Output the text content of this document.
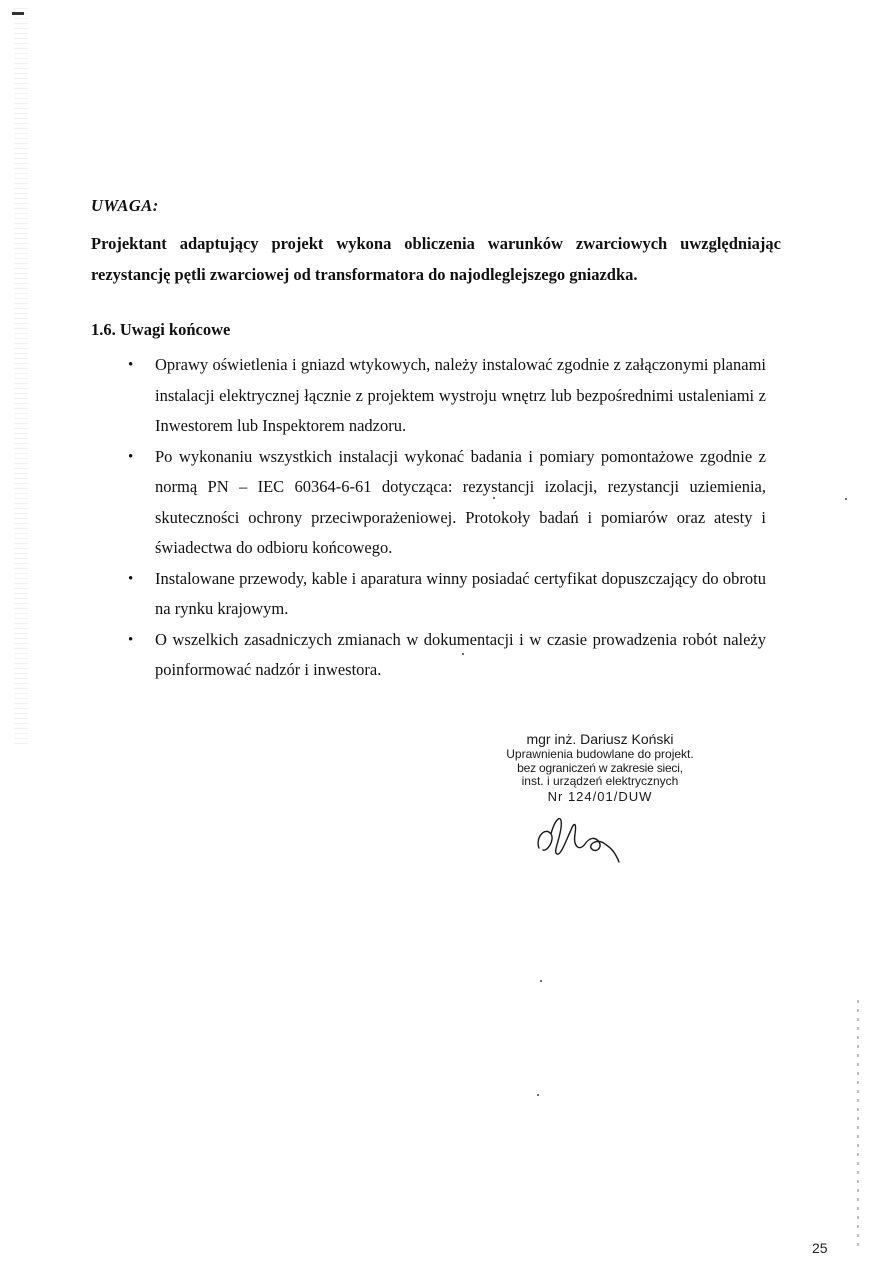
UWAGA:
Projektant adaptujący projekt wykona obliczenia warunków zwarciowych uwzględniając rezystancję pętli zwarciowej od transformatora do najodleglejszego gniazdka.
1.6. Uwagi końcowe
• Oprawy oświetlenia i gniazd wtykowych, należy instalować zgodnie z załączonymi planami instalacji elektrycznej łącznie z projektem wystroju wnętrz lub bezpośrednimi ustaleniami z Inwestorem lub Inspektorem nadzoru.
• Po wykonaniu wszystkich instalacji wykonać badania i pomiary pomontażowe zgodnie z normą PN – IEC 60364-6-61 dotycząca: rezystancji izolacji, rezystancji uziemienia, skuteczności ochrony przeciwporażeniowej. Protokoły badań i pomiarów oraz atesty i świadectwa do odbioru końcowego.
• Instalowane przewody, kable i aparatura winny posiadać certyfikat dopuszczający do obrotu na rynku krajowym.
• O wszelkich zasadniczych zmianach w dokumentacji i w czasie prowadzenia robót należy poinformować nadzór i inwestora.
mgr inż. Dariusz Koński
Uprawnienia budowlane do projekt.
bez ograniczeń w zakresie sieci,
inst. i urządzeń elektrycznych
Nr 124/01/DUW
25
